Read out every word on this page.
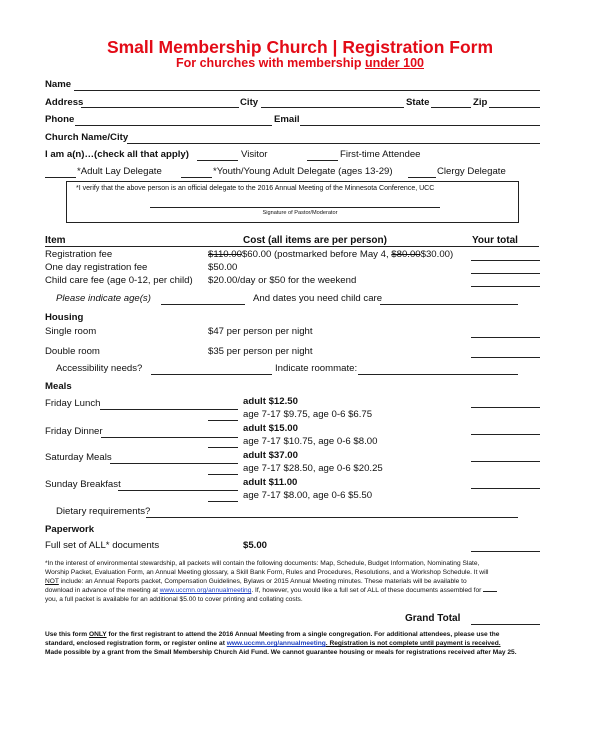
Small Membership Church | Registration Form
For churches with membership under 100
Name
Address	City	State	Zip
Phone	Email
Church Name/City
I am a(n)…(check all that apply)	Visitor	First-time Attendee
*Adult Lay Delegate	*Youth/Young Adult Delegate (ages 13-29)	Clergy Delegate
*I verify that the above person is an official delegate to the 2016 Annual Meeting of the Minnesota Conference, UCC
Signature of Pastor/Moderator
Item	Cost (all items are per person)	Your total
Registration fee	$110.00$60.00 (postmarked before May 4, $80.00$30.00)
One day registration fee	$50.00
Child care fee (age 0-12, per child) $20.00/day or $50 for the weekend
Please indicate age(s)	And dates you need child care
Housing
Single room	$47 per person per night
Double room	$35 per person per night
Accessibility needs?	Indicate roommate:
Meals
Friday Lunch	adult $12.50
age 7-17 $9.75, age 0-6 $6.75
Friday Dinner	adult $15.00
age 7-17 $10.75, age 0-6 $8.00
Saturday Meals	adult $37.00
age 7-17 $28.50, age 0-6 $20.25
Sunday Breakfast	adult $11.00
age 7-17 $8.00, age 0-6 $5.50
Dietary requirements?
Paperwork
Full set of ALL* documents	$5.00
*In the interest of environmental stewardship, all packets will contain the following documents: Map, Schedule, Budget Information, Nominating Slate,
Worship Packet, Evaluation Form, an Annual Meeting glossary, a Skill Bank Form, Rules and Procedures, Resolutions, and a Workshop Schedule. It will
NOT include: an Annual Reports packet, Compensation Guidelines, Bylaws or 2015 Annual Meeting minutes. These materials will be available to
download in advance of the meeting at www.uccmn.org/annualmeeting. If, however, you would like a full set of ALL of these documents assembled for
you, a full packet is available for an additional $5.00 to cover printing and collating costs.
Grand Total
Use this form ONLY for the first registrant to attend the 2016 Annual Meeting from a single congregation. For additional attendees, please use the
standard, enclosed registration form, or register online at www.uccmn.org/annualmeeting. Registration is not complete until payment is received.
Made possible by a grant from the Small Membership Church Aid Fund. We cannot guarantee housing or meals for registrations received after May 25.
